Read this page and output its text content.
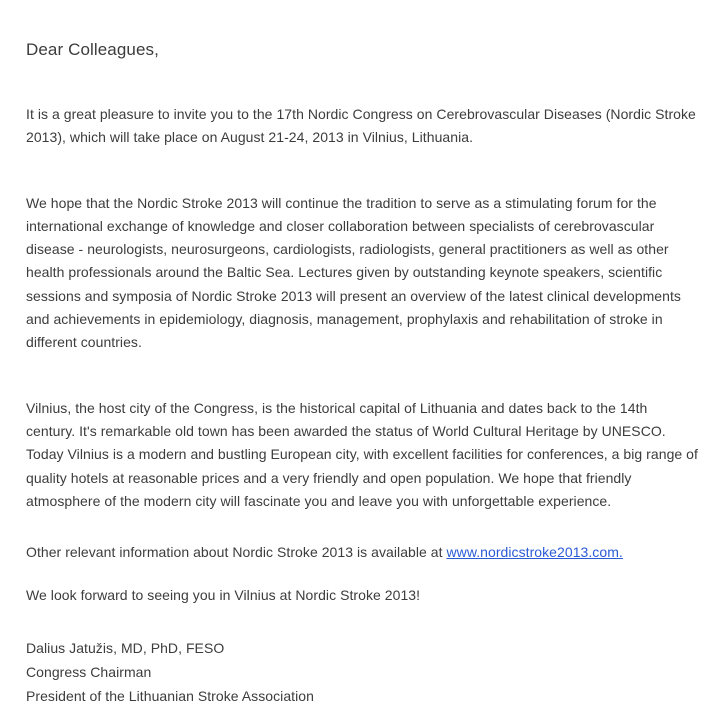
Dear Colleagues,

It is a great pleasure to invite you to the 17th Nordic Congress on Cerebrovascular Diseases (Nordic Stroke 2013), which will take place on August 21-24, 2013 in Vilnius, Lithuania.

We hope that the Nordic Stroke 2013 will continue the tradition to serve as a stimulating forum for the international exchange of knowledge and closer collaboration between specialists of cerebrovascular disease - neurologists, neurosurgeons, cardiologists, radiologists, general practitioners as well as other health professionals around the Baltic Sea. Lectures given by outstanding keynote speakers, scientific sessions and symposia of Nordic Stroke 2013 will present an overview of the latest clinical developments and achievements in epidemiology, diagnosis, management, prophylaxis and rehabilitation of stroke in different countries.

Vilnius, the host city of the Congress, is the historical capital of Lithuania and dates back to the 14th century. It's remarkable old town has been awarded the status of World Cultural Heritage by UNESCO. Today Vilnius is a modern and bustling European city, with excellent facilities for conferences, a big range of quality hotels at reasonable prices and a very friendly and open population. We hope that friendly atmosphere of the modern city will fascinate you and leave you with unforgettable experience.

Other relevant information about Nordic Stroke 2013 is available at www.nordicstroke2013.com.

We look forward to seeing you in Vilnius at Nordic Stroke 2013!

Dalius Jatužis, MD, PhD, FESO

Congress Chairman

President of the Lithuanian Stroke Association
